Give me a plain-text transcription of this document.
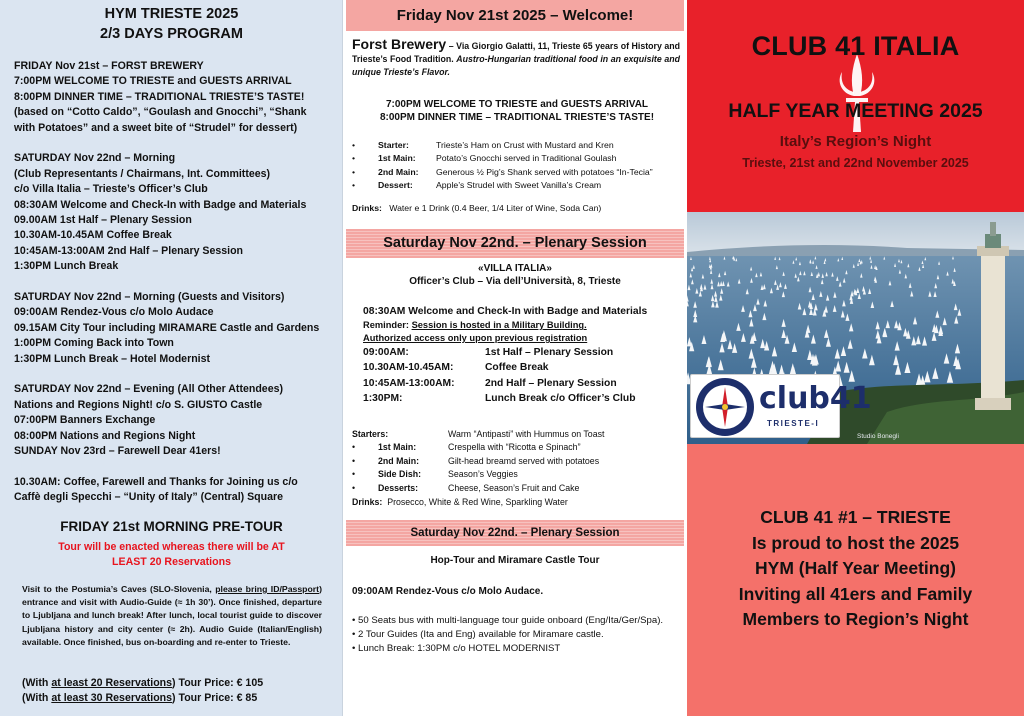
HYM TRIESTE 2025
2/3 DAYS PROGRAM
FRIDAY Nov 21st – FORST BREWERY
7:00PM WELCOME TO TRIESTE and GUESTS ARRIVAL
8:00PM DINNER TIME – TRADITIONAL TRIESTE’S TASTE!
(based on “Cotto Caldo”, “Goulash and Gnocchi”, “Shank
with Potatoes” and a sweet bite of “Strudel” for dessert)
SATURDAY Nov 22nd – Morning
(Club Representants / Chairmans, Int. Committees)
c/o Villa Italia – Trieste’s Officer’s Club
08:30AM Welcome and Check-In with Badge and Materials
09.00AM 1st Half – Plenary Session
10.30AM-10.45AM Coffee Break
10:45AM-13:00AM 2nd Half – Plenary Session
1:30PM Lunch Break
SATURDAY Nov 22nd – Morning (Guests and Visitors)
09:00AM Rendez-Vous c/o Molo Audace
09.15AM City Tour including MIRAMARE Castle and Gardens
1:00PM Coming Back into Town
1:30PM Lunch Break – Hotel Modernist
SATURDAY Nov 22nd – Evening (All Other Attendees)
Nations and Regions Night! c/o S. GIUSTO Castle
07:00PM Banners Exchange
08:00PM Nations and Regions Night
SUNDAY Nov 23rd – Farewell Dear 41ers!
10.30AM: Coffee, Farewell and Thanks for Joining us c/o
Caffè degli Specchi – “Unity of Italy” (Central) Square
FRIDAY 21st MORNING PRE-TOUR
Tour will be enacted whereas there will be AT LEAST 20 Reservations
Visit to the Postumia’s Caves (SLO-Slovenia, please bring ID/Passport) entrance and visit with Audio-Guide (≈ 1h 30’). Once finished, departure to Ljubljana and lunch break! After lunch, local tourist guide to discover Ljubljana history and city center (≈ 2h). Audio Guide (Italian/English) available. Once finished, bus on-boarding and re-enter to Trieste.
(With at least 20 Reservations) Tour Price: € 105
(With at least 30 Reservations) Tour Price: € 85
Friday Nov 21st 2025 – Welcome!
Forst Brewery – Via Giorgio Galatti, 11, Trieste 65 years of History and Trieste’s Food Tradition. Austro-Hungarian traditional food in an exquisite and unique Trieste’s Flavor.
7:00PM WELCOME TO TRIESTE and GUESTS ARRIVAL
8:00PM DINNER TIME – TRADITIONAL TRIESTE’S TASTE!
•	Starter:	Trieste’s Ham on Crust with Mustard and Kren
•	1st Main:	Potato’s Gnocchi served in Traditional Goulash
•	2nd Main:	Generous ½ Pig’s Shank served with potatoes “In-Tecia”
•	Dessert:	Apple’s Strudel with Sweet Vanilla’s Cream
Drinks: Water e 1 Drink (0.4 Beer, 1/4 Liter of Wine, Soda Can)
Saturday Nov 22nd. – Plenary Session
«VILLA ITALIA»
Officer’s Club – Via dell’Università, 8, Trieste
08:30AM Welcome and Check-In with Badge and Materials
Reminder: Session is hosted in a Military Building.
Authorized access only upon previous registration
09:00AM:	1st Half – Plenary Session
10.30AM-10.45AM:	Coffee Break
10:45AM-13:00AM:	2nd Half – Plenary Session
1:30PM:	Lunch Break c/o Officer’s Club
Starters:	Warm “Antipasti” with Hummus on Toast
•	1st Main:	Crespella with “Ricotta e Spinach”
•	2nd Main:	Gilt-head breamd served with potatoes
•	Side Dish:	Season’s Veggies
•	Desserts:	Cheese, Season’s Fruit and Cake
Drinks: Prosecco, White & Red Wine, Sparkling Water
Saturday Nov 22nd. – Plenary Session
Hop-Tour and Miramare Castle Tour
09:00AM Rendez-Vous c/o Molo Audace.
• 50 Seats bus with multi-language tour guide onboard (Eng/Ita/Ger/Spa).
• 2 Tour Guides (Ita and Eng) available for Miramare castle.
• Lunch Break: 1:30PM c/o HOTEL MODERNIST
CLUB 41 ITALIA
HALF YEAR MEETING 2025
Italy’s Region’s Night
Trieste, 21st and 22nd November 2025
club41
TRIESTE-I
Studio Bonegli
CLUB 41 #1 – TRIESTE
Is proud to host the 2025
HYM (Half Year Meeting)
Inviting all 41ers and Family
Members to Region’s Night
